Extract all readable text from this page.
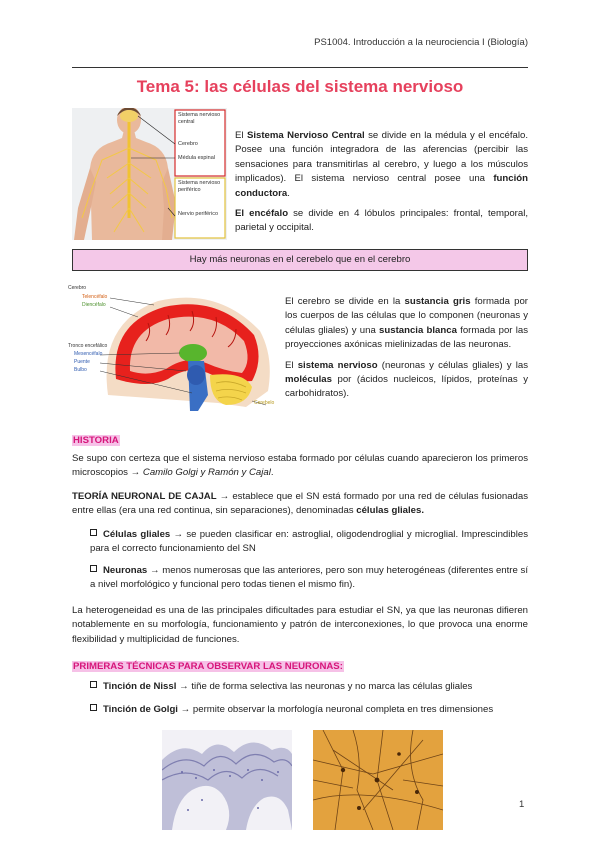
PS1004. Introducción a la neurociencia I (Biología)
Tema 5: las células del sistema nervioso
Sistema nervioso central
Cerebro
Médula espinal
Sistema nervioso periférico
Nervio periférico

El Sistema Nervioso Central se divide en la médula y el encéfalo. Posee una función integradora de las aferencias (percibir las sensaciones para transmitirlas al cerebro, y luego a los músculos implicados). El sistema nervioso central posee una función conductora.

El encéfalo se divide en 4 lóbulos principales: frontal, temporal, parietal y occipital.

Hay más neuronas en el cerebelo que en el cerebro
Cerebro
Telencéfalo
Diencéfalo
Tronco encefálico
Mesencéfalo
Puente
Bulbo
Cerebelo

El cerebro se divide en la sustancia gris formada por los cuerpos de las células que lo componen (neuronas y células gliales) y una sustancia blanca formada por las proyecciones axónicas mielinizadas de las neuronas.

El sistema nervioso (neuronas y células gliales) y las moléculas por (ácidos nucleicos, lípidos, proteínas y carbohidratos).

HISTORIA

Se supo con certeza que el sistema nervioso estaba formado por células cuando aparecieron los primeros microscopios → Camilo Golgi y Ramón y Cajal.

TEORÍA NEURONAL DE CAJAL → establece que el SN está formado por una red de células fusionadas entre ellas (era una red continua, sin separaciones), denominadas células gliales.

Células gliales → se pueden clasificar en: astroglial, oligodendroglial y microglial. Imprescindibles para el correcto funcionamiento del SN
Neuronas → menos numerosas que las anteriores, pero son muy heterogéneas (diferentes entre sí a nivel morfológico y funcional pero todas tienen el mismo fin).

La heterogeneidad es una de las principales dificultades para estudiar el SN, ya que las neuronas difieren notablemente en su morfología, funcionamiento y patrón de interconexiones, lo que provoca una enorme flexibilidad y multiplicidad de funciones.

PRIMERAS TÉCNICAS PARA OBSERVAR LAS NEURONAS:
Tinción de Nissl → tiñe de forma selectiva las neuronas y no marca las células gliales
Tinción de Golgi → permite observar la morfología neuronal completa en tres dimensiones
1
